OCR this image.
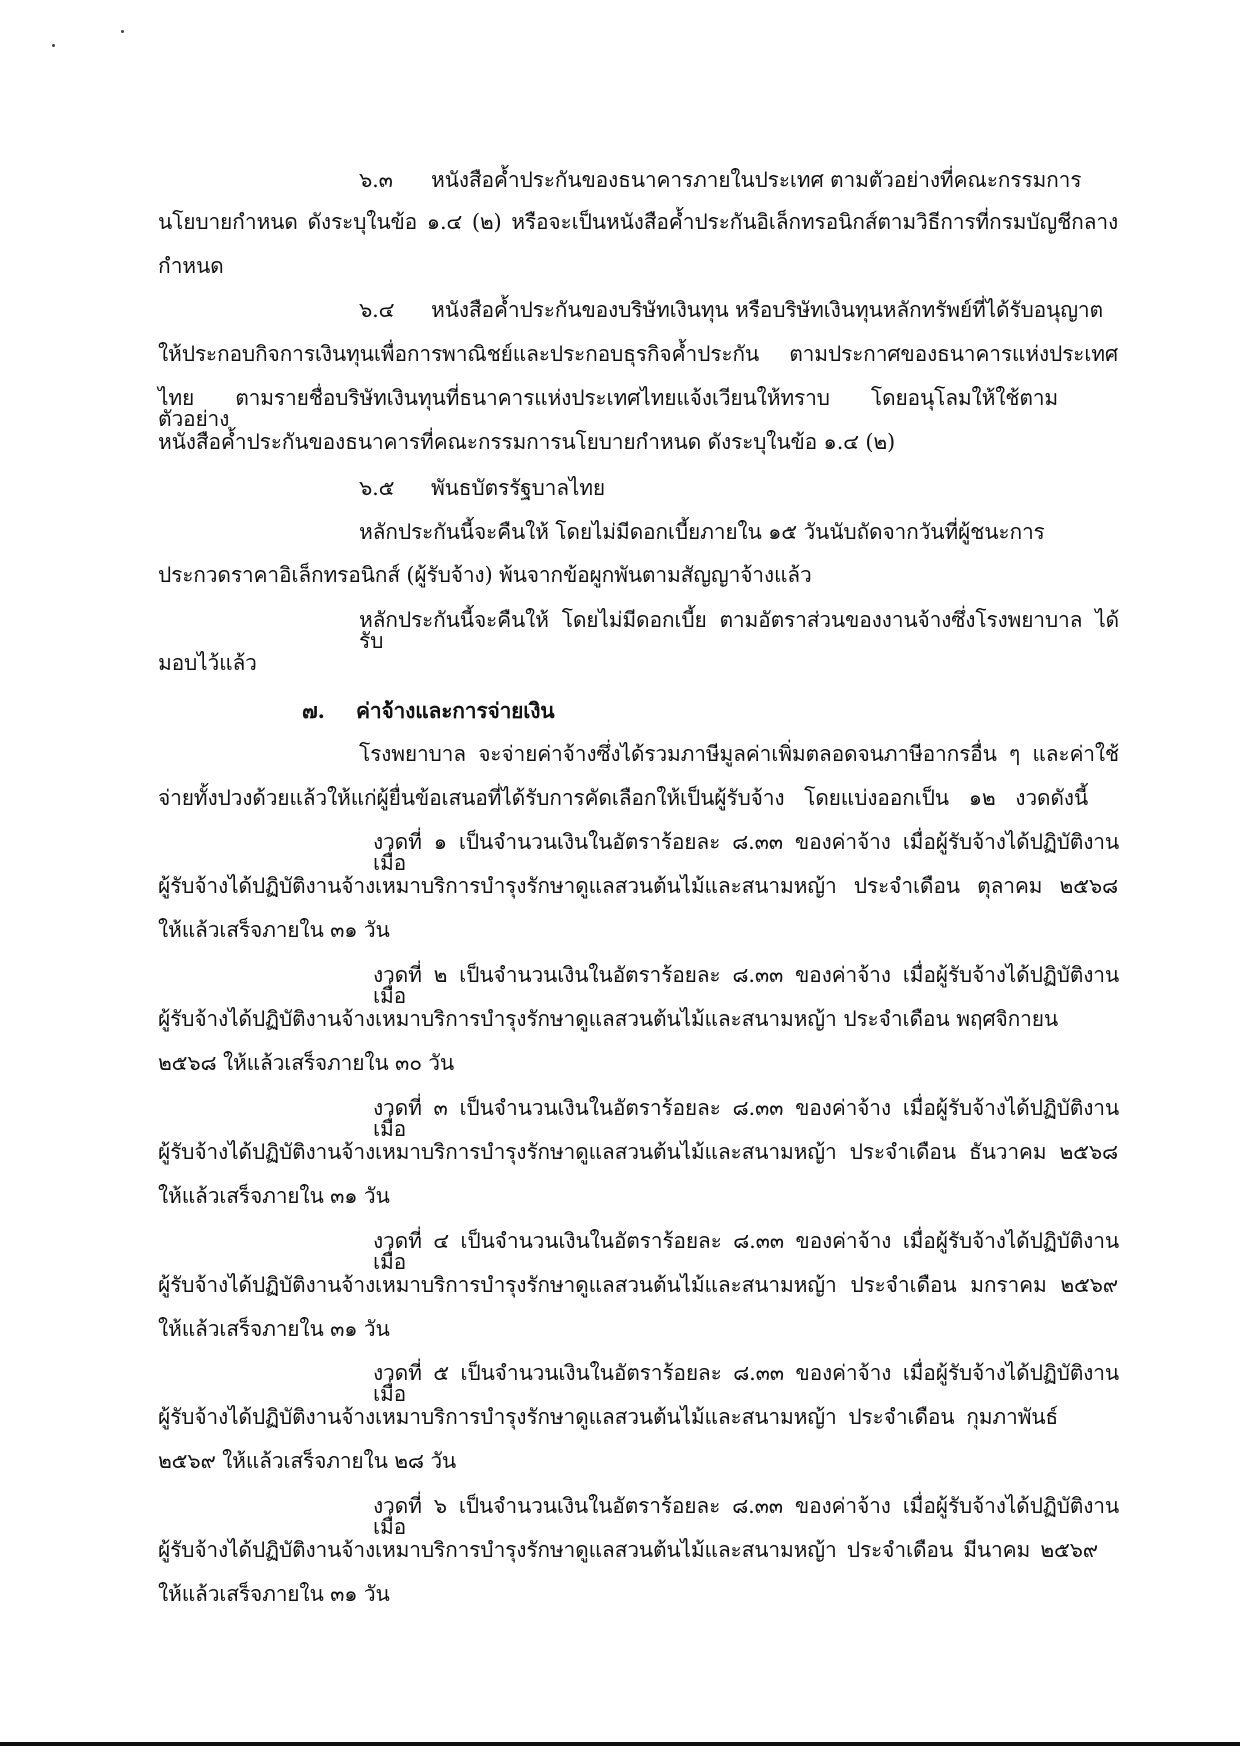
๖.๓ หนังสือค้ำประกันของธนาคารภายในประเทศ ตามตัวอย่างที่คณะกรรมการ
นโยบายกำหนด ดังระบุในข้อ ๑.๔ (๒) หรือจะเป็นหนังสือค้ำประกันอิเล็กทรอนิกส์ตามวิธีการที่กรมบัญชีกลาง
กำหนด
๖.๔ หนังสือค้ำประกันของบริษัทเงินทุน หรือบริษัทเงินทุนหลักทรัพย์ที่ได้รับอนุญาต
ให้ประกอบกิจการเงินทุนเพื่อการพาณิชย์และประกอบธุรกิจค้ำประกัน ตามประกาศของธนาคารแห่งประเทศ
ไทย ตามรายชื่อบริษัทเงินทุนที่ธนาคารแห่งประเทศไทยแจ้งเวียนให้ทราบ โดยอนุโลมให้ใช้ตามตัวอย่าง
หนังสือค้ำประกันของธนาคารที่คณะกรรมการนโยบายกำหนด ดังระบุในข้อ ๑.๔ (๒)
๖.๕ พันธบัตรรัฐบาลไทย
หลักประกันนี้จะคืนให้ โดยไม่มีดอกเบี้ยภายใน ๑๕ วันนับถัดจากวันที่ผู้ชนะการ
ประกวดราคาอิเล็กทรอนิกส์ (ผู้รับจ้าง) พ้นจากข้อผูกพันตามสัญญาจ้างแล้ว
หลักประกันนี้จะคืนให้ โดยไม่มีดอกเบี้ย ตามอัตราส่วนของงานจ้างซึ่งโรงพยาบาล ได้รับ
มอบไว้แล้ว
๗. ค่าจ้างและการจ่ายเงิน
โรงพยาบาล จะจ่ายค่าจ้างซึ่งได้รวมภาษีมูลค่าเพิ่มตลอดจนภาษีอากรอื่น ๆ และค่าใช้
จ่ายทั้งปวงด้วยแล้วให้แก่ผู้ยื่นข้อเสนอที่ได้รับการคัดเลือกให้เป็นผู้รับจ้าง โดยแบ่งออกเป็น ๑๒ งวดดังนี้
งวดที่ ๑ เป็นจำนวนเงินในอัตราร้อยละ ๘.๓๓ ของค่าจ้าง เมื่อผู้รับจ้างได้ปฏิบัติงานเมื่อ
ผู้รับจ้างได้ปฏิบัติงานจ้างเหมาบริการบำรุงรักษาดูแลสวนต้นไม้และสนามหญ้า ประจำเดือน ตุลาคม ๒๕๖๘
ให้แล้วเสร็จภายใน ๓๑ วัน
งวดที่ ๒ เป็นจำนวนเงินในอัตราร้อยละ ๘.๓๓ ของค่าจ้าง เมื่อผู้รับจ้างได้ปฏิบัติงานเมื่อ
ผู้รับจ้างได้ปฏิบัติงานจ้างเหมาบริการบำรุงรักษาดูแลสวนต้นไม้และสนามหญ้า ประจำเดือน พฤศจิกายน
๒๕๖๘ ให้แล้วเสร็จภายใน ๓๐ วัน
งวดที่ ๓ เป็นจำนวนเงินในอัตราร้อยละ ๘.๓๓ ของค่าจ้าง เมื่อผู้รับจ้างได้ปฏิบัติงานเมื่อ
ผู้รับจ้างได้ปฏิบัติงานจ้างเหมาบริการบำรุงรักษาดูแลสวนต้นไม้และสนามหญ้า ประจำเดือน ธันวาคม ๒๕๖๘
ให้แล้วเสร็จภายใน ๓๑ วัน
งวดที่ ๔ เป็นจำนวนเงินในอัตราร้อยละ ๘.๓๓ ของค่าจ้าง เมื่อผู้รับจ้างได้ปฏิบัติงานเมื่อ
ผู้รับจ้างได้ปฏิบัติงานจ้างเหมาบริการบำรุงรักษาดูแลสวนต้นไม้และสนามหญ้า ประจำเดือน มกราคม ๒๕๖๙
ให้แล้วเสร็จภายใน ๓๑ วัน
งวดที่ ๕ เป็นจำนวนเงินในอัตราร้อยละ ๘.๓๓ ของค่าจ้าง เมื่อผู้รับจ้างได้ปฏิบัติงานเมื่อ
ผู้รับจ้างได้ปฏิบัติงานจ้างเหมาบริการบำรุงรักษาดูแลสวนต้นไม้และสนามหญ้า ประจำเดือน กุมภาพันธ์
๒๕๖๙ ให้แล้วเสร็จภายใน ๒๘ วัน
งวดที่ ๖ เป็นจำนวนเงินในอัตราร้อยละ ๘.๓๓ ของค่าจ้าง เมื่อผู้รับจ้างได้ปฏิบัติงานเมื่อ
ผู้รับจ้างได้ปฏิบัติงานจ้างเหมาบริการบำรุงรักษาดูแลสวนต้นไม้และสนามหญ้า ประจำเดือน มีนาคม ๒๕๖๙
ให้แล้วเสร็จภายใน ๓๑ วัน
